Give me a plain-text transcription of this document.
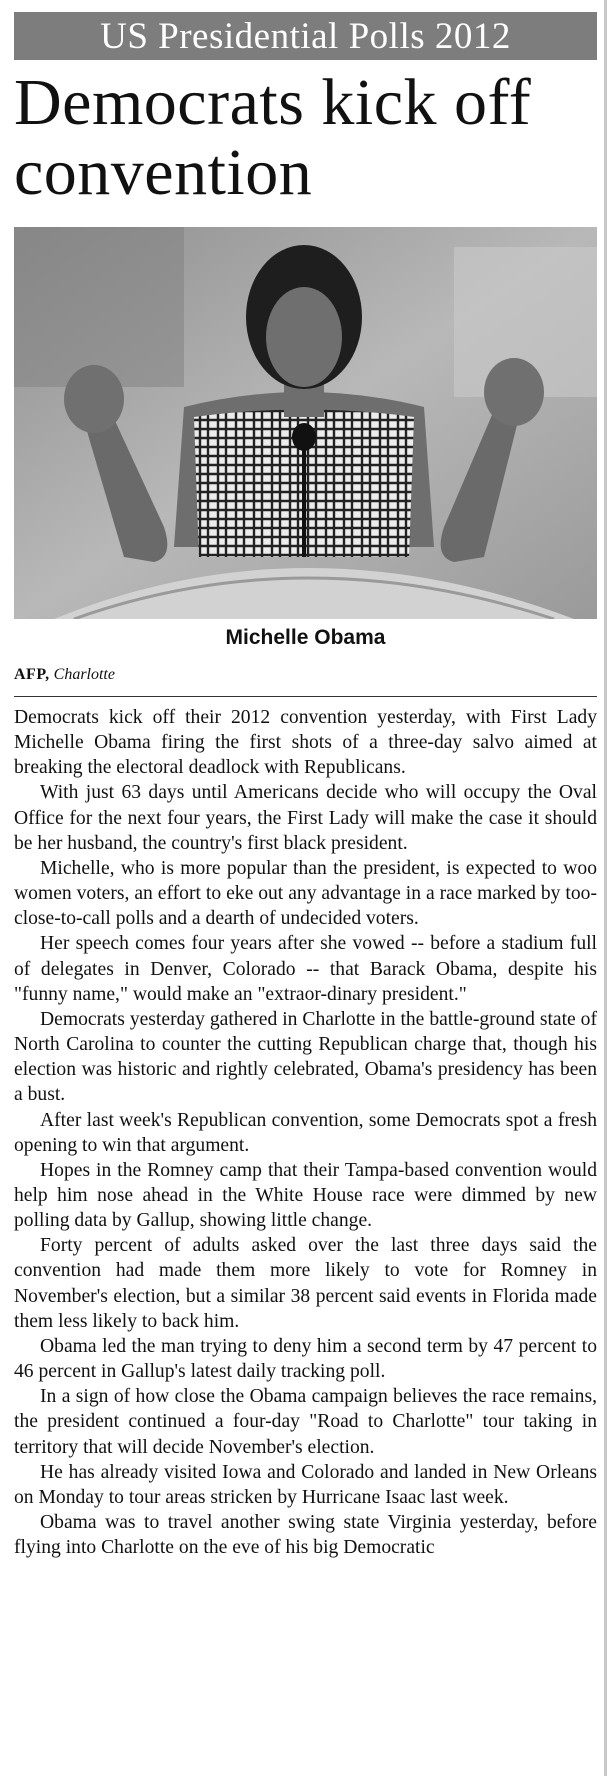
US Presidential Polls 2012
Democrats kick off convention
Michelle Obama
AFP, Charlotte

Democrats kick off their 2012 convention yesterday, with First Lady Michelle Obama firing the first shots of a three-day salvo aimed at breaking the electoral deadlock with Republicans.

With just 63 days until Americans decide who will occupy the Oval Office for the next four years, the First Lady will make the case it should be her husband, the country's first black president.

Michelle, who is more popular than the president, is expected to woo women voters, an effort to eke out any advantage in a race marked by too-close-to-call polls and a dearth of undecided voters.

Her speech comes four years after she vowed -- before a stadium full of delegates in Denver, Colorado -- that Barack Obama, despite his "funny name," would make an "extraor-dinary president."

Democrats yesterday gathered in Charlotte in the battle-ground state of North Carolina to counter the cutting Republican charge that, though his election was historic and rightly celebrated, Obama's presidency has been a bust.

After last week's Republican convention, some Democrats spot a fresh opening to win that argument.

Hopes in the Romney camp that their Tampa-based convention would help him nose ahead in the White House race were dimmed by new polling data by Gallup, showing little change.

Forty percent of adults asked over the last three days said the convention had made them more likely to vote for Romney in November's election, but a similar 38 percent said events in Florida made them less likely to back him.

Obama led the man trying to deny him a second term by 47 percent to 46 percent in Gallup's latest daily tracking poll.

In a sign of how close the Obama campaign believes the race remains, the president continued a four-day "Road to Charlotte" tour taking in territory that will decide November's election.

He has already visited Iowa and Colorado and landed in New Orleans on Monday to tour areas stricken by Hurricane Isaac last week.

Obama was to travel another swing state Virginia yesterday, before flying into Charlotte on the eve of his big Democratic
